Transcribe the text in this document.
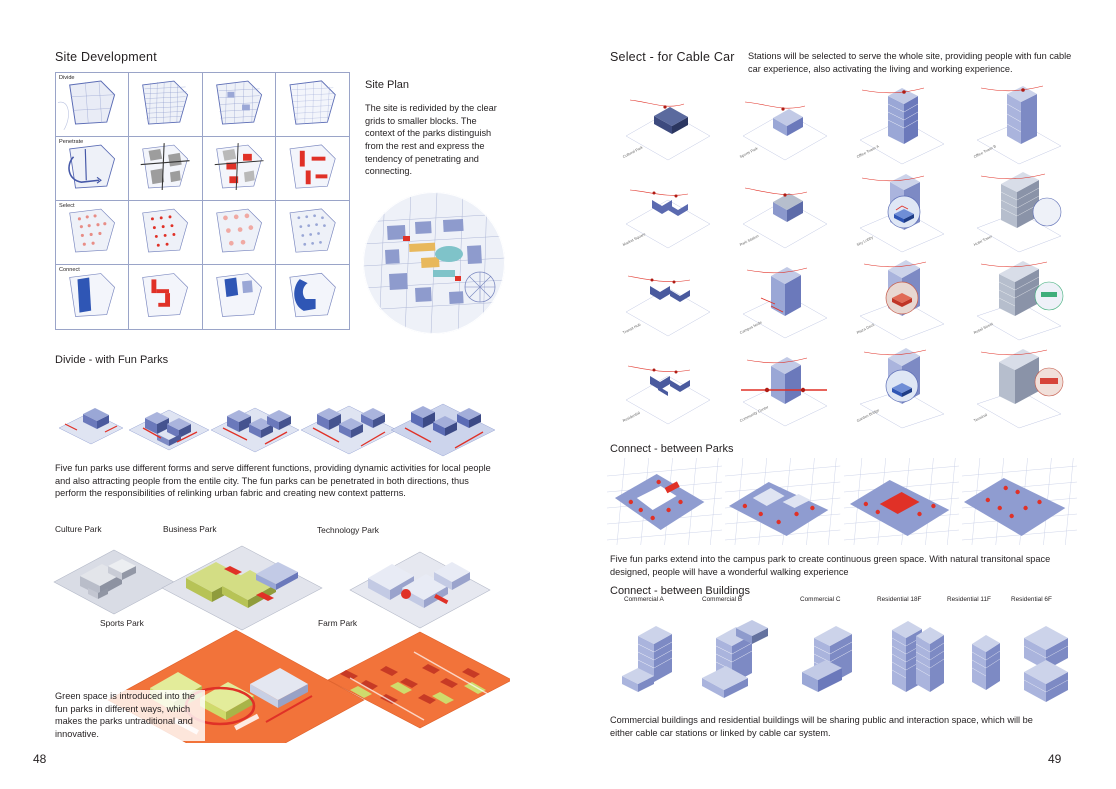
Site Development
Divide
Penetrate
Select
Connect
Site Plan
The site is redivided by the clear grids to smaller blocks. The context of the parks distinguish from the rest and express the tendency of penetrating and connecting.
Divide - with Fun Parks
Five fun parks use different forms and serve different functions, providing dynamic activities for local people and also attracting people from the entile city. The fun parks can be penetrated in both directions, thus perform the responsibilities of relinking urban fabric and creating new context patterns.
Culture Park	Business Park	Technology Park
Sports Park	Farm Park
Green space is introduced into the fun parks in different ways, which makes the parks untraditional and innovative.
48
Select - for Cable Car Stations will be selected to serve the whole site, providing people with fun cable car experience, also activating the living and working experience.
Cultural Park	Sports Park	Office Tower A	Office Tower B
Market Square	Park Station	Sky Lobby	Hotel Tower
Transit Hub	Campus Node	Plaza Deck	Retail Street
Residential	Community Center	Garden Bridge	Terminal
Connect - between Parks
Five fun parks extend into the campus park to create continuous green space. With natural transitonal space designed, people will have a wonderful walking experience
Connect - between Buildings
Commercial A	Commercial B	Commercial C	Residential 18F	Residential 11F	Residential 6F
Commercial buildings and residential buildings will be sharing public and interaction space, which will be either cable car stations or linked by cable car system.
49
